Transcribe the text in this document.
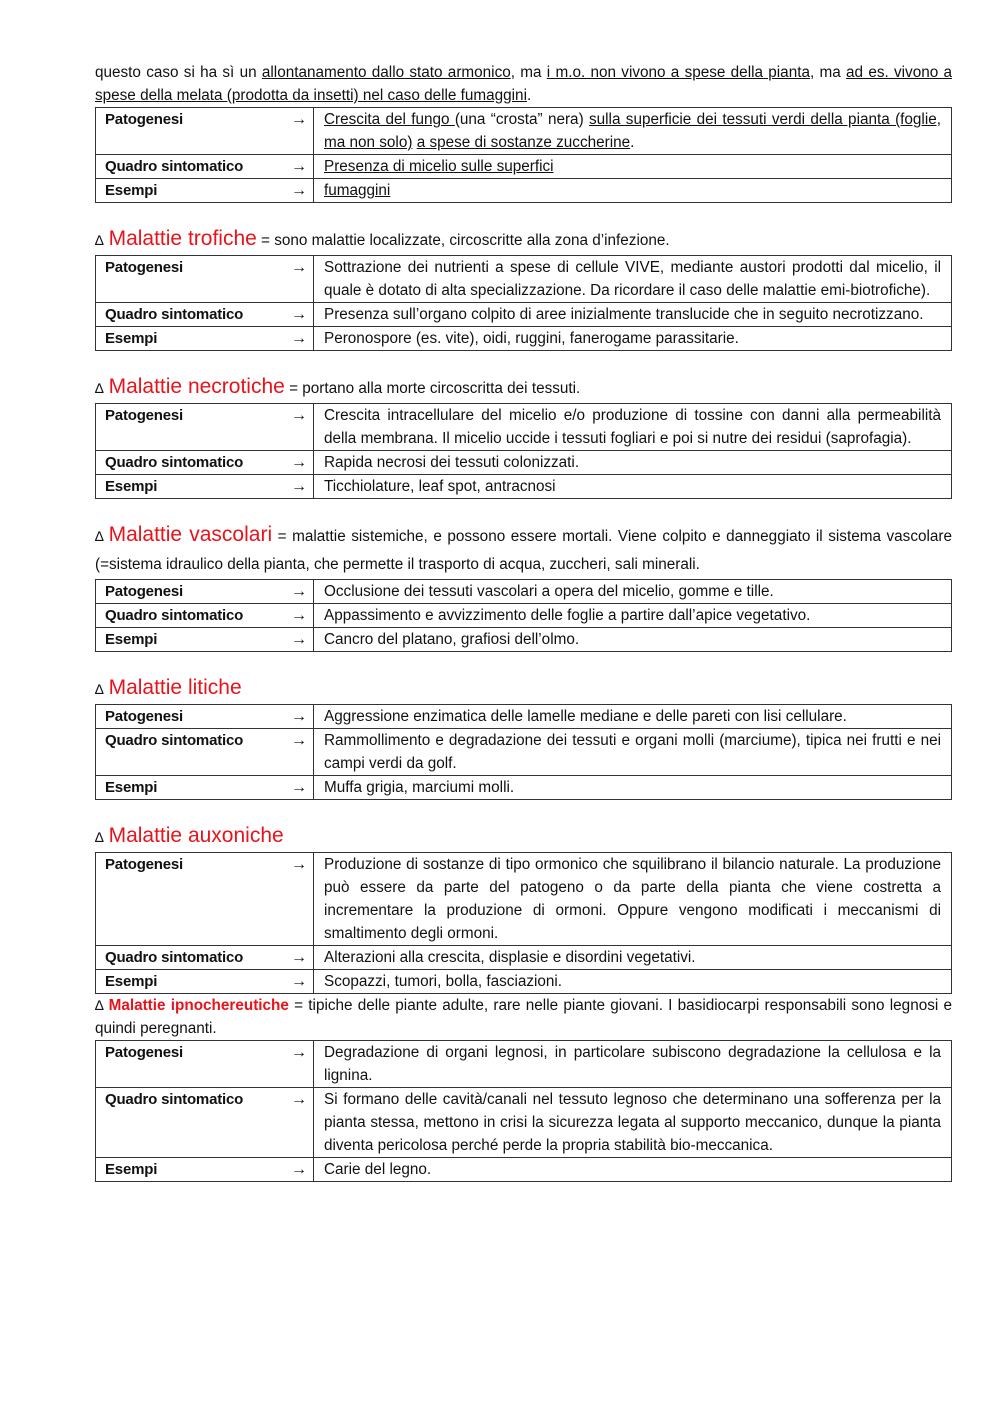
questo caso si ha sì un allontanamento dallo stato armonico, ma i m.o. non vivono a spese della pianta, ma ad es. vivono a spese della melata (prodotta da insetti) nel caso delle fumaggini.

Patogenesi	→	Crescita del fungo (una “crosta” nera) sulla superficie dei tessuti verdi della pianta (foglie, ma non solo) a spese di sostanze zuccherine.
Quadro sintomatico	→	Presenza di micelio sulle superfici
Esempi	→	fumaggini

∆ Malattie trofiche = sono malattie localizzate, circoscritte alla zona d’infezione.

Patogenesi	→	Sottrazione dei nutrienti a spese di cellule VIVE, mediante austori prodotti dal micelio, il quale è dotato di alta specializzazione. Da ricordare il caso delle malattie emi-biotrofiche).
Quadro sintomatico	→	Presenza sull’organo colpito di aree inizialmente translucide che in seguito necrotizzano.
Esempi	→	Peronospore (es. vite), oidi, ruggini, fanerogame parassitarie.

∆ Malattie necrotiche = portano alla morte circoscritta dei tessuti.

Patogenesi	→	Crescita intracellulare del micelio e/o produzione di tossine con danni alla permeabilità della membrana. Il micelio uccide i tessuti fogliari e poi si nutre dei residui (saprofagia).
Quadro sintomatico	→	Rapida necrosi dei tessuti colonizzati.
Esempi	→	Ticchiolature, leaf spot, antracnosi

∆ Malattie vascolari = malattie sistemiche, e possono essere mortali. Viene colpito e danneggiato il sistema vascolare (=sistema idraulico della pianta, che permette il trasporto di acqua, zuccheri, sali minerali.

Patogenesi	→	Occlusione dei tessuti vascolari a opera del micelio, gomme e tille.
Quadro sintomatico	→	Appassimento e avvizzimento delle foglie a partire dall’apice vegetativo.
Esempi	→	Cancro del platano, grafiosi dell’olmo.

∆ Malattie litiche

Patogenesi	→	Aggressione enzimatica delle lamelle mediane e delle pareti con lisi cellulare.
Quadro sintomatico	→	Rammollimento e degradazione dei tessuti e organi molli (marciume), tipica nei frutti e nei campi verdi da golf.
Esempi	→	Muffa grigia, marciumi molli.

∆ Malattie auxoniche

Patogenesi	→	Produzione di sostanze di tipo ormonico che squilibrano il bilancio naturale. La produzione può essere da parte del patogeno o da parte della pianta che viene costretta a incrementare la produzione di ormoni. Oppure vengono modificati i meccanismi di smaltimento degli ormoni.
Quadro sintomatico	→	Alterazioni alla crescita, displasie e disordini vegetativi.
Esempi	→	Scopazzi, tumori, bolla, fasciazioni.

∆ Malattie ipnochereutiche = tipiche delle piante adulte, rare nelle piante giovani. I basidiocarpi responsabili sono legnosi e quindi peregnanti.

Patogenesi	→	Degradazione di organi legnosi, in particolare subiscono degradazione la cellulosa e la lignina.
Quadro sintomatico	→	Si formano delle cavità/canali nel tessuto legnoso che determinano una sofferenza per la pianta stessa, mettono in crisi la sicurezza legata al supporto meccanico, dunque la pianta diventa pericolosa perché perde la propria stabilità bio-meccanica.
Esempi	→	Carie del legno.
